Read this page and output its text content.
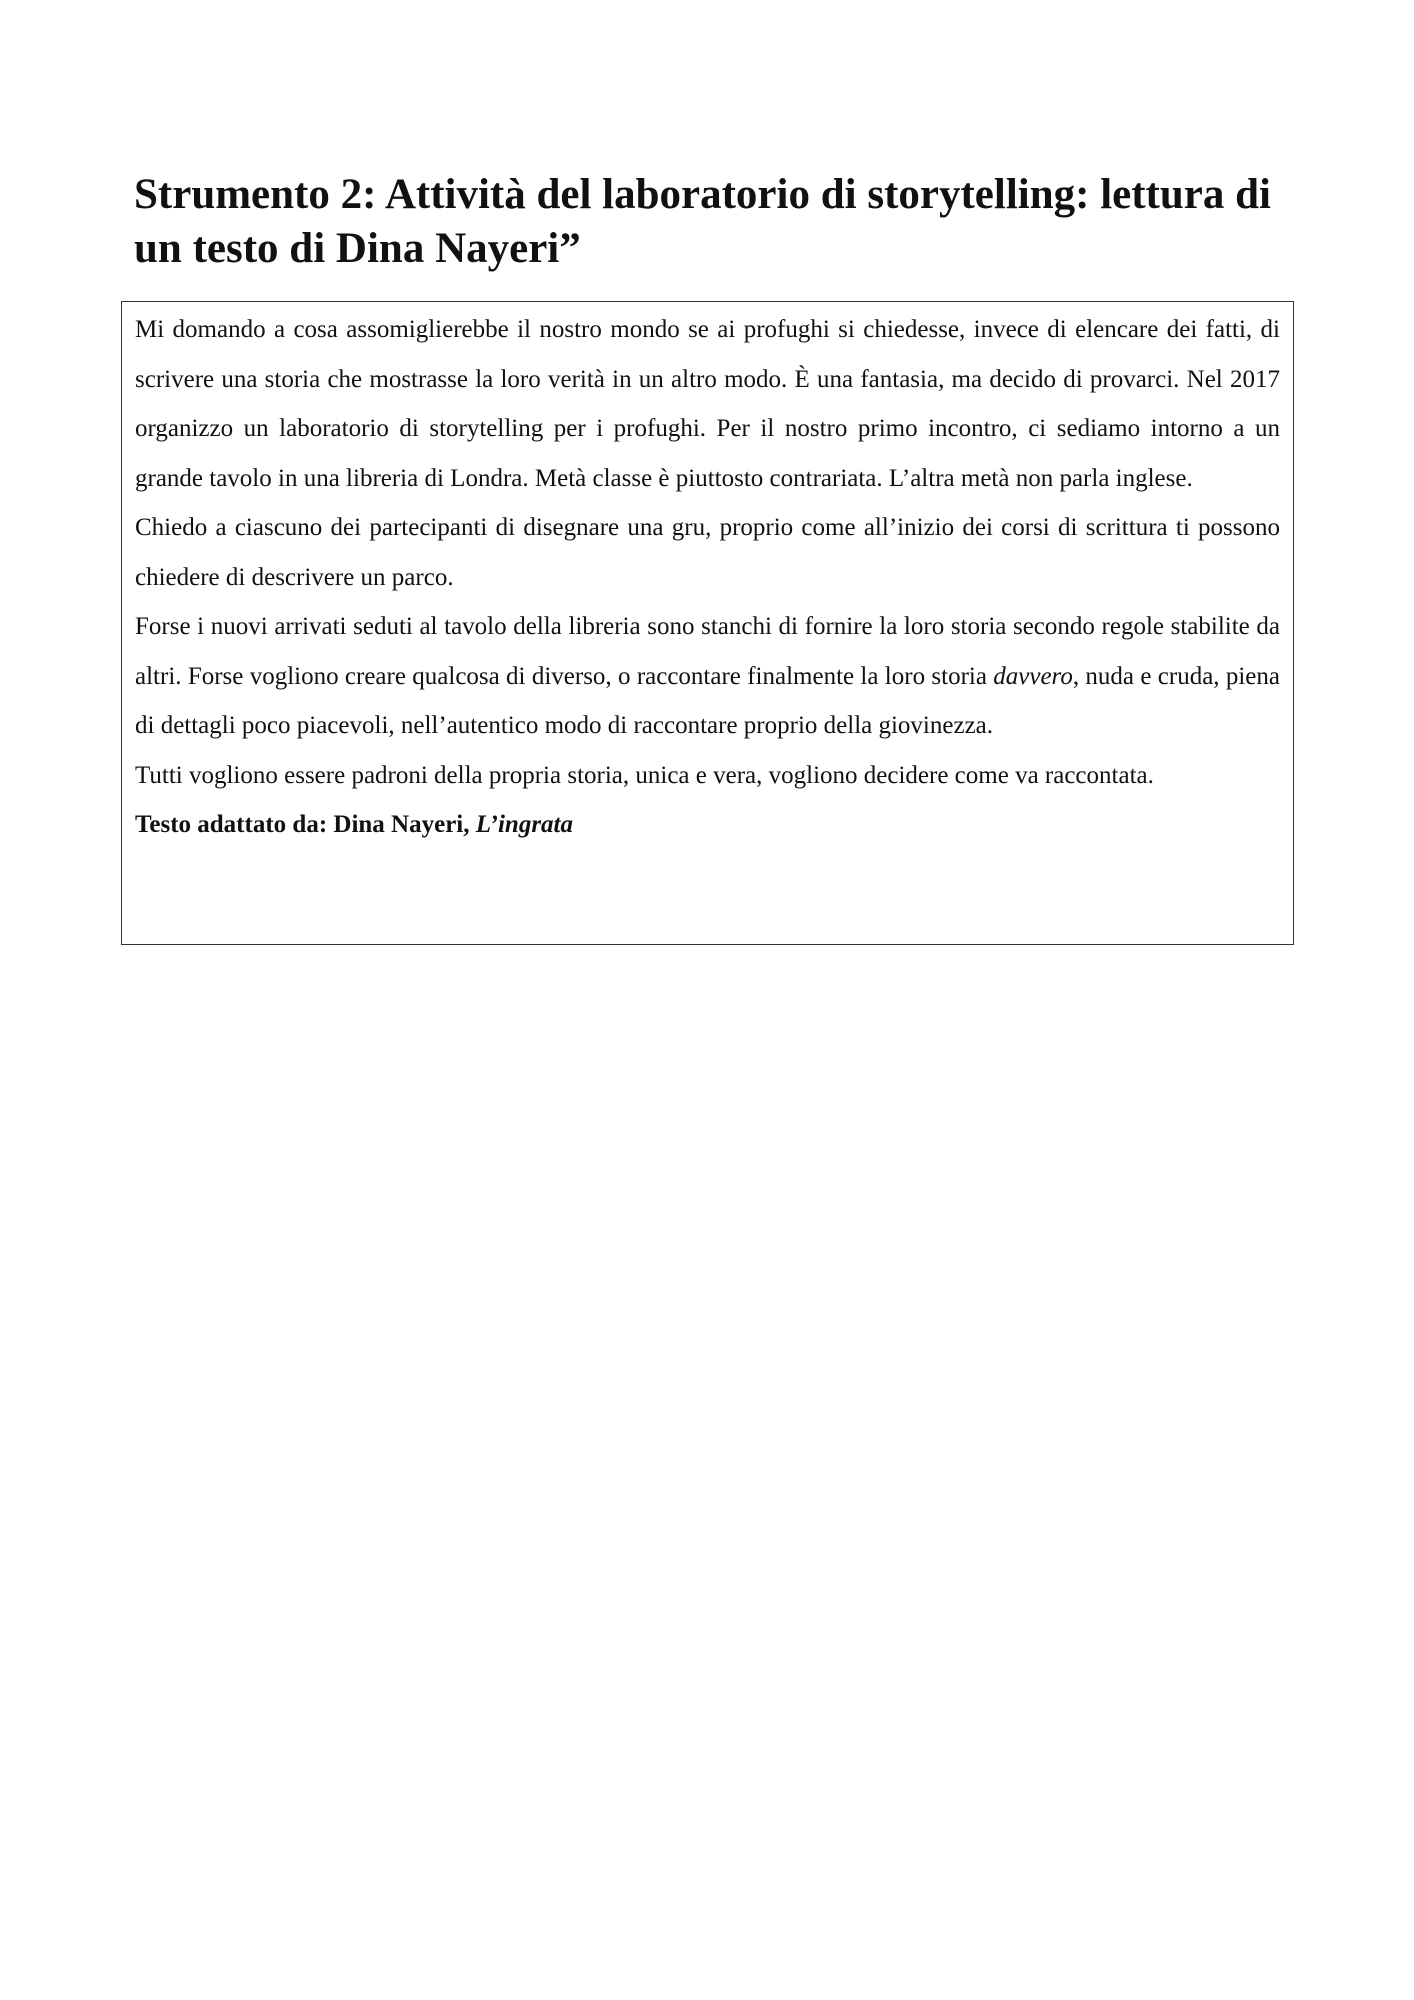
Strumento 2: Attività del laboratorio di storytelling: lettura di un testo di Dina Nayeri”

Mi domando a cosa assomiglierebbe il nostro mondo se ai profughi si chiedesse, invece di elencare dei fatti, di scrivere una storia che mostrasse la loro verità in un altro modo. È una fantasia, ma decido di provarci. Nel 2017 organizzo un laboratorio di storytelling per i profughi. Per il nostro primo incontro, ci sediamo intorno a un grande tavolo in una libreria di Londra. Metà classe è piuttosto contrariata. L’altra metà non parla inglese.

Chiedo a ciascuno dei partecipanti di disegnare una gru, proprio come all’inizio dei corsi di scrittura ti possono chiedere di descrivere un parco.

Forse i nuovi arrivati seduti al tavolo della libreria sono stanchi di fornire la loro storia secondo regole stabilite da altri. Forse vogliono creare qualcosa di diverso, o raccontare finalmente la loro storia davvero, nuda e cruda, piena di dettagli poco piacevoli, nell’autentico modo di raccontare proprio della giovinezza.

Tutti vogliono essere padroni della propria storia, unica e vera, vogliono decidere come va raccontata.

Testo adattato da: Dina Nayeri, L’ingrata
